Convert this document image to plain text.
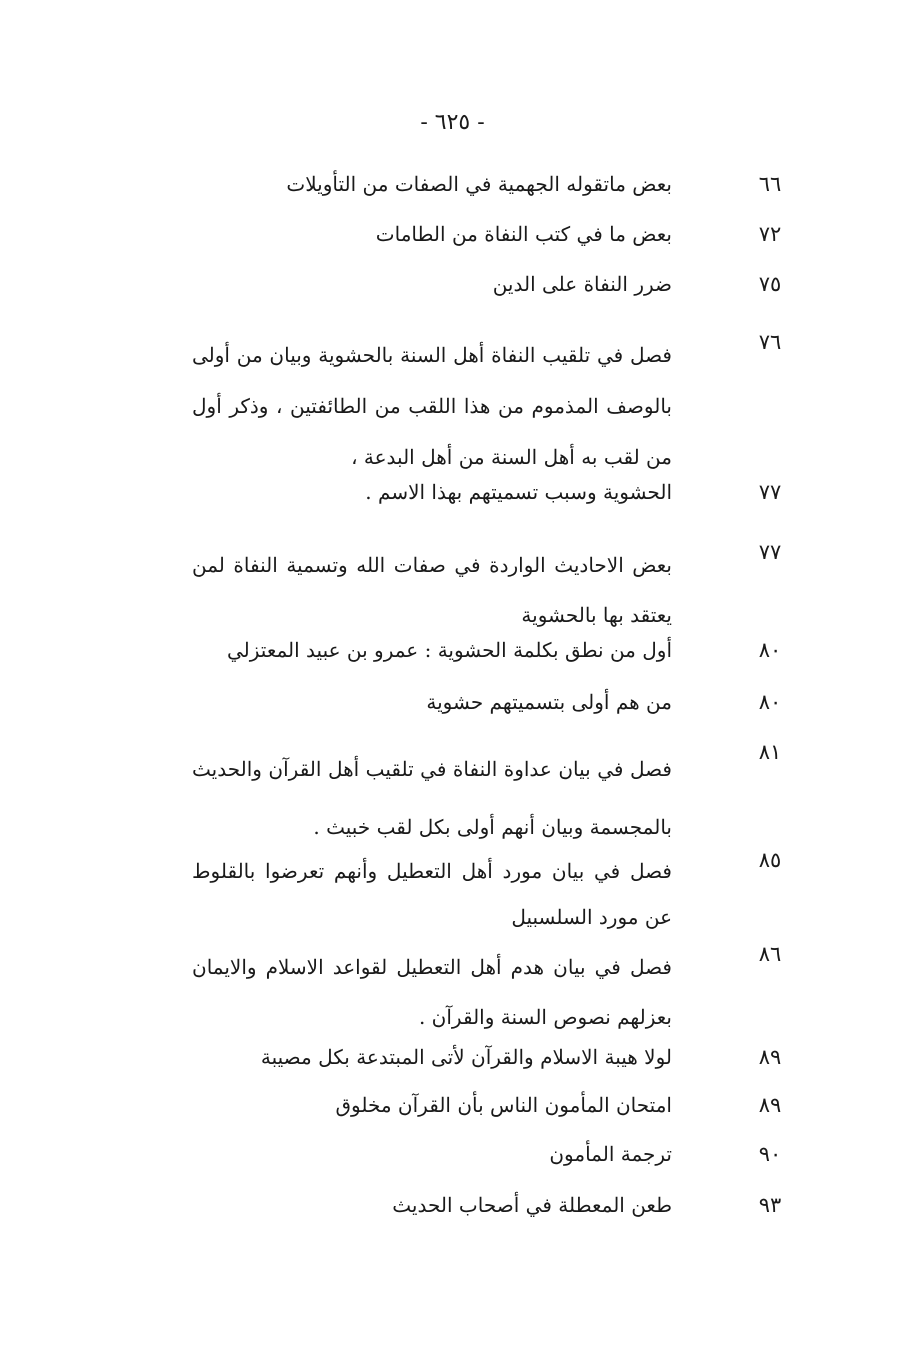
- ٦٢٥ -
٦٦
بعض ماتقوله الجهمية في الصفات من التأويلات
٧٢
بعض ما في كتب النفاة من الطامات
٧٥
ضرر النفاة على الدين
٧٦
فصل في تلقيب النفاة أهل السنة بالحشوية وبيان من أولى
بالوصف المذموم من هذا اللقب من الطائفتين ، وذكر أول
من لقب به أهل السنة من أهل البدعة ،
٧٧
الحشوية وسبب تسميتهم بهذا الاسم .
٧٧
بعض الاحاديث الواردة في صفات الله وتسمية النفاة لمن
يعتقد بها بالحشوية
٨٠
أول من نطق بكلمة الحشوية : عمرو بن عبيد المعتزلي
٨٠
من هم أولى بتسميتهم حشوية
٨١
فصل في بيان عداوة النفاة في تلقيب أهل القرآن والحديث
بالمجسمة وبيان أنهم أولى بكل لقب خبيث .
٨٥
فصل في بيان مورد أهل التعطيل وأنهم تعرضوا بالقلوط
عن مورد السلسبيل
٨٦
فصل في بيان هدم أهل التعطيل لقواعد الاسلام والايمان
بعزلهم نصوص السنة والقرآن .
٨٩
لولا هيبة الاسلام والقرآن لأتى المبتدعة بكل مصيبة
٨٩
امتحان المأمون الناس بأن القرآن مخلوق
٩٠
ترجمة المأمون
٩٣
طعن المعطلة في أصحاب الحديث
